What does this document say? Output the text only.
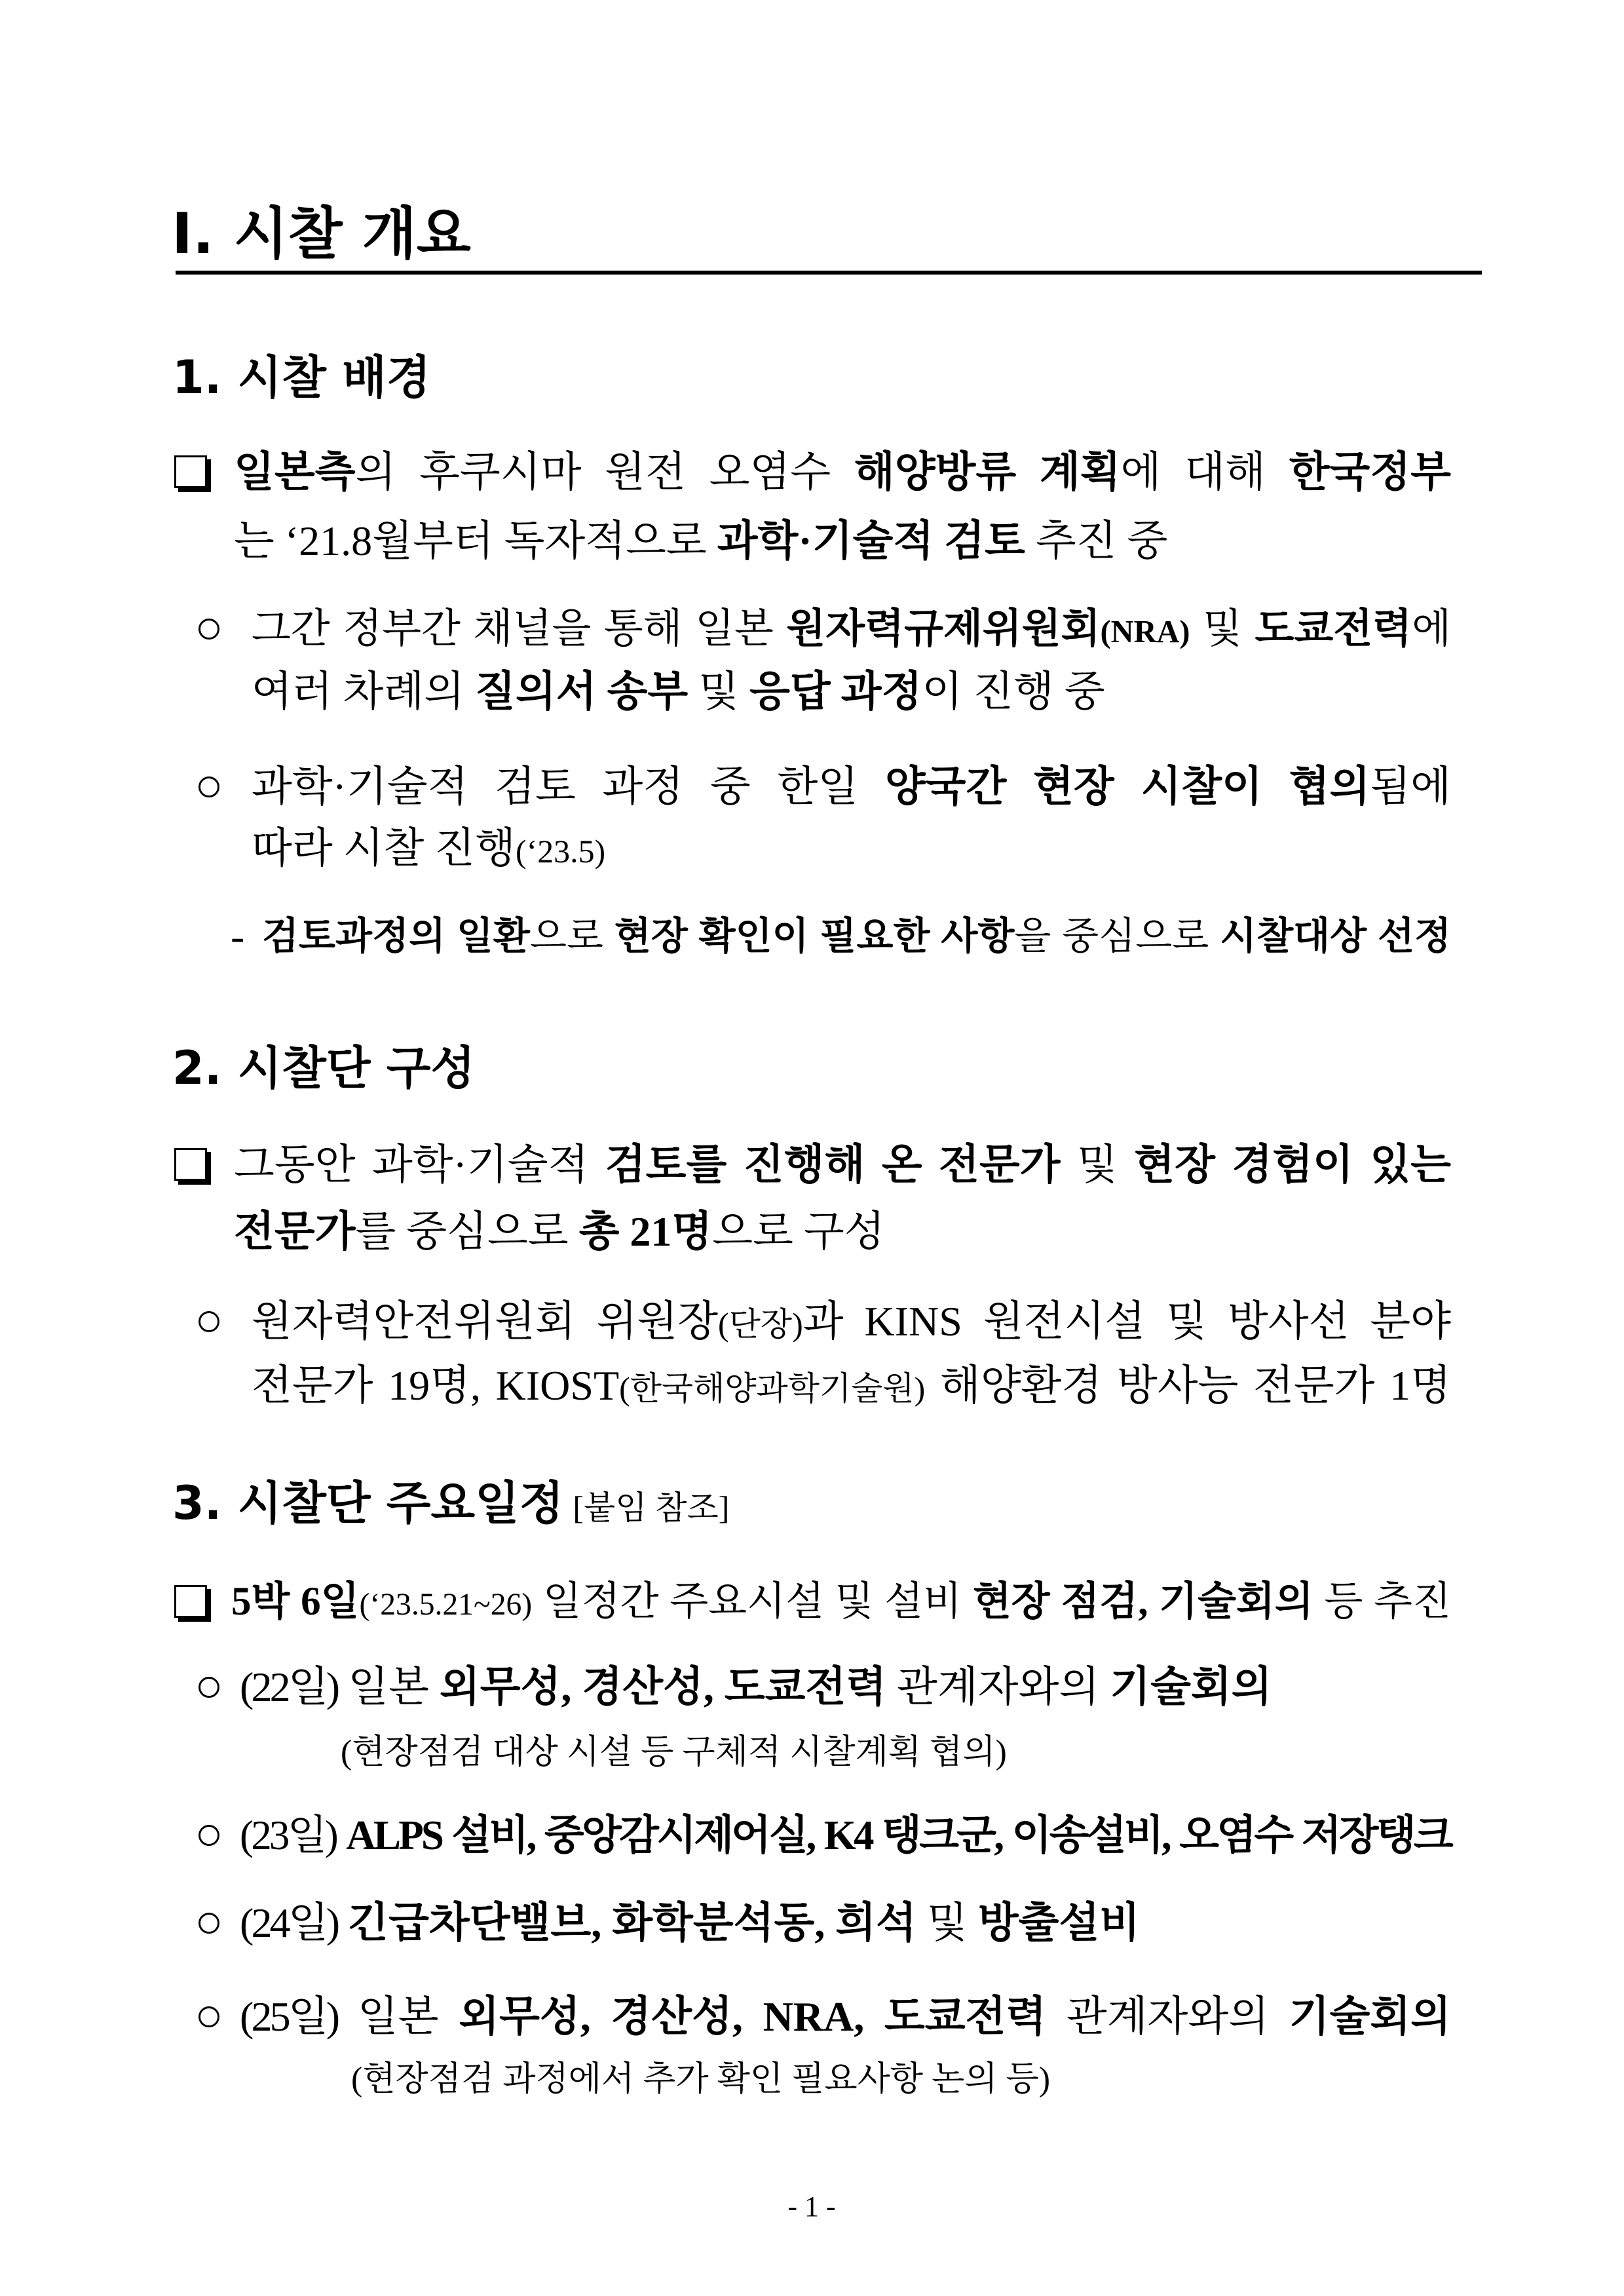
Ⅰ. 시찰 개요
1. 시찰 배경
일본측의 후쿠시마 원전 오염수 해양방류 계획에 대해 한국정부
는 ‘21.8월부터 독자적으로 과학·기술적 검토 추진 중
그간 정부간 채널을 통해 일본 원자력규제위원회(NRA) 및 도쿄전력에
여러 차례의 질의서 송부 및 응답 과정이 진행 중
과학·기술적 검토 과정 중 한일 양국간 현장 시찰이 협의됨에
따라 시찰 진행(‘23.5)
- 검토과정의 일환으로 현장 확인이 필요한 사항을 중심으로 시찰대상 선정
2. 시찰단 구성
그동안 과학·기술적 검토를 진행해 온 전문가 및 현장 경험이 있는
전문가를 중심으로 총 21명으로 구성
원자력안전위원회 위원장(단장)과 KINS 원전시설 및 방사선 분야
전문가 19명, KIOST(한국해양과학기술원) 해양환경 방사능 전문가 1명
3. 시찰단 주요일정 [붙임 참조]
5박 6일(‘23.5.21~26) 일정간 주요시설 및 설비 현장 점검, 기술회의 등 추진
(22일) 일본 외무성, 경산성, 도쿄전력 관계자와의 기술회의
(현장점검 대상 시설 등 구체적 시찰계획 협의)
(23일) ALPS 설비, 중앙감시제어실, K4 탱크군, 이송설비, 오염수 저장탱크
(24일) 긴급차단밸브, 화학분석동, 희석 및 방출설비
(25일) 일본 외무성, 경산성, NRA, 도쿄전력 관계자와의 기술회의
(현장점검 과정에서 추가 확인 필요사항 논의 등)
- 1 -
